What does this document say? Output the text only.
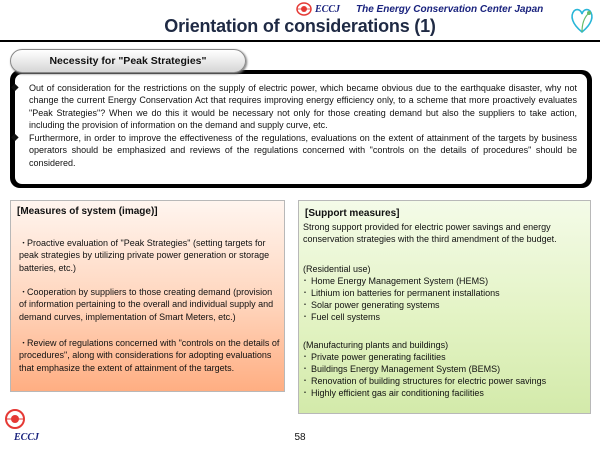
ECCJ The Energy Conservation Center Japan
Orientation of considerations (1)
Necessity for "Peak Strategies"
◆ Out of consideration for the restrictions on the supply of electric power, which became obvious due to the earthquake disaster, why not change the current Energy Conservation Act that requires improving energy efficiency only, to a scheme that more proactively evaluates "Peak Strategies"? When we do this it would be necessary not only for those creating demand but also the suppliers to take action, including the provision of information on the demand and supply curve, etc.
◆ Furthermore, in order to improve the effectiveness of the regulations, evaluations on the extent of attainment of the targets by business operators should be emphasized and reviews of the regulations concerned with "controls on the details of procedures" should be considered.
[Measures of system (image)]
・Proactive evaluation of "Peak Strategies" (setting targets for peak strategies by utilizing private power generation or storage batteries, etc.)
・Cooperation by suppliers to those creating demand (provision of information pertaining to the overall and individual supply and demand curves, implementation of Smart Meters, etc.)
・Review of regulations concerned with "controls on the details of procedures", along with considerations for adopting evaluations that emphasize the extent of attainment of the targets.
[Support measures]
Strong support provided for electric power savings and energy conservation strategies with the third amendment of the budget.
(Residential use)
・ Home Energy Management System (HEMS)
・ Lithium ion batteries for permanent installations
・ Solar power generating systems
・ Fuel cell systems
(Manufacturing plants and buildings)
・ Private power generating facilities
・ Buildings Energy Management System (BEMS)
・ Renovation of building structures for electric power savings
・ Highly efficient gas air conditioning facilities
ECCJ	58
